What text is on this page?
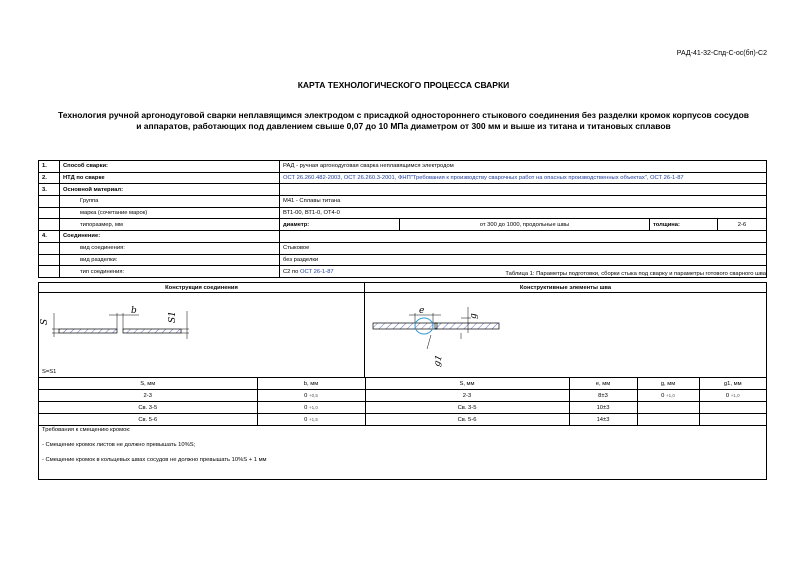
РАД-41-32-Спд-С-ос(бп)-С2
КАРТА ТЕХНОЛОГИЧЕСКОГО ПРОЦЕССА СВАРКИ
Технология ручной аргонодуговой сварки неплавящимся электродом с присадкой одностороннего стыкового соединения без разделки кромок корпусов сосудов
и аппаратов, работающих под давлением свыше 0,07 до 10 МПа диаметром от 300 мм и выше из титана и титановых сплавов
1.	Способ сварки:	РАД - ручная аргонодуговая сварка неплавящимся электродом			
2.	НТД по сварке	ОСТ 26.260.482-2003, ОСТ 26.260.3-2001, ФНП"Требования к производству сварочных работ на опасных производственных объектах", ОСТ 26-1-87			
3.	Основной материал:				
	Группа	М41 - Сплавы титана			
	марка (сочетание марок)	ВТ1-00, ВТ1-0, ОТ4-0			
	типоразмер, мм	диаметр:	от 300 до 1000, продольные швы	толщина:	2-6
4.	Соединение:				
	вид соединения:	Стыковое			
	вид разделки:	без разделки			
	тип соединения:	С2 по ОСТ 26-1-87				Таблица 1: Параметры подготовки, сборки стыка под сварку и параметры готового сварного шва
Конструкция соединения	Конструктивные элементы шва
S
b
S1
S=S1
e
g
g1
S, мм	b, мм	S, мм	e, мм	g, мм	g1, мм
2-3	0 +0,5	2-3	8±3	0 +1,0	0 +1,0
Св. 3-5	0 +1,0	Св. 3-5	10±3		
Св. 5-6	0 +1,5	Св. 5-6	14±3		
Требования к смещению кромок:
- Смещение кромок листов не должно превышать 10%S;
- Смещение кромок в кольцевых швах сосудов не должно превышать 10%S + 1 мм
